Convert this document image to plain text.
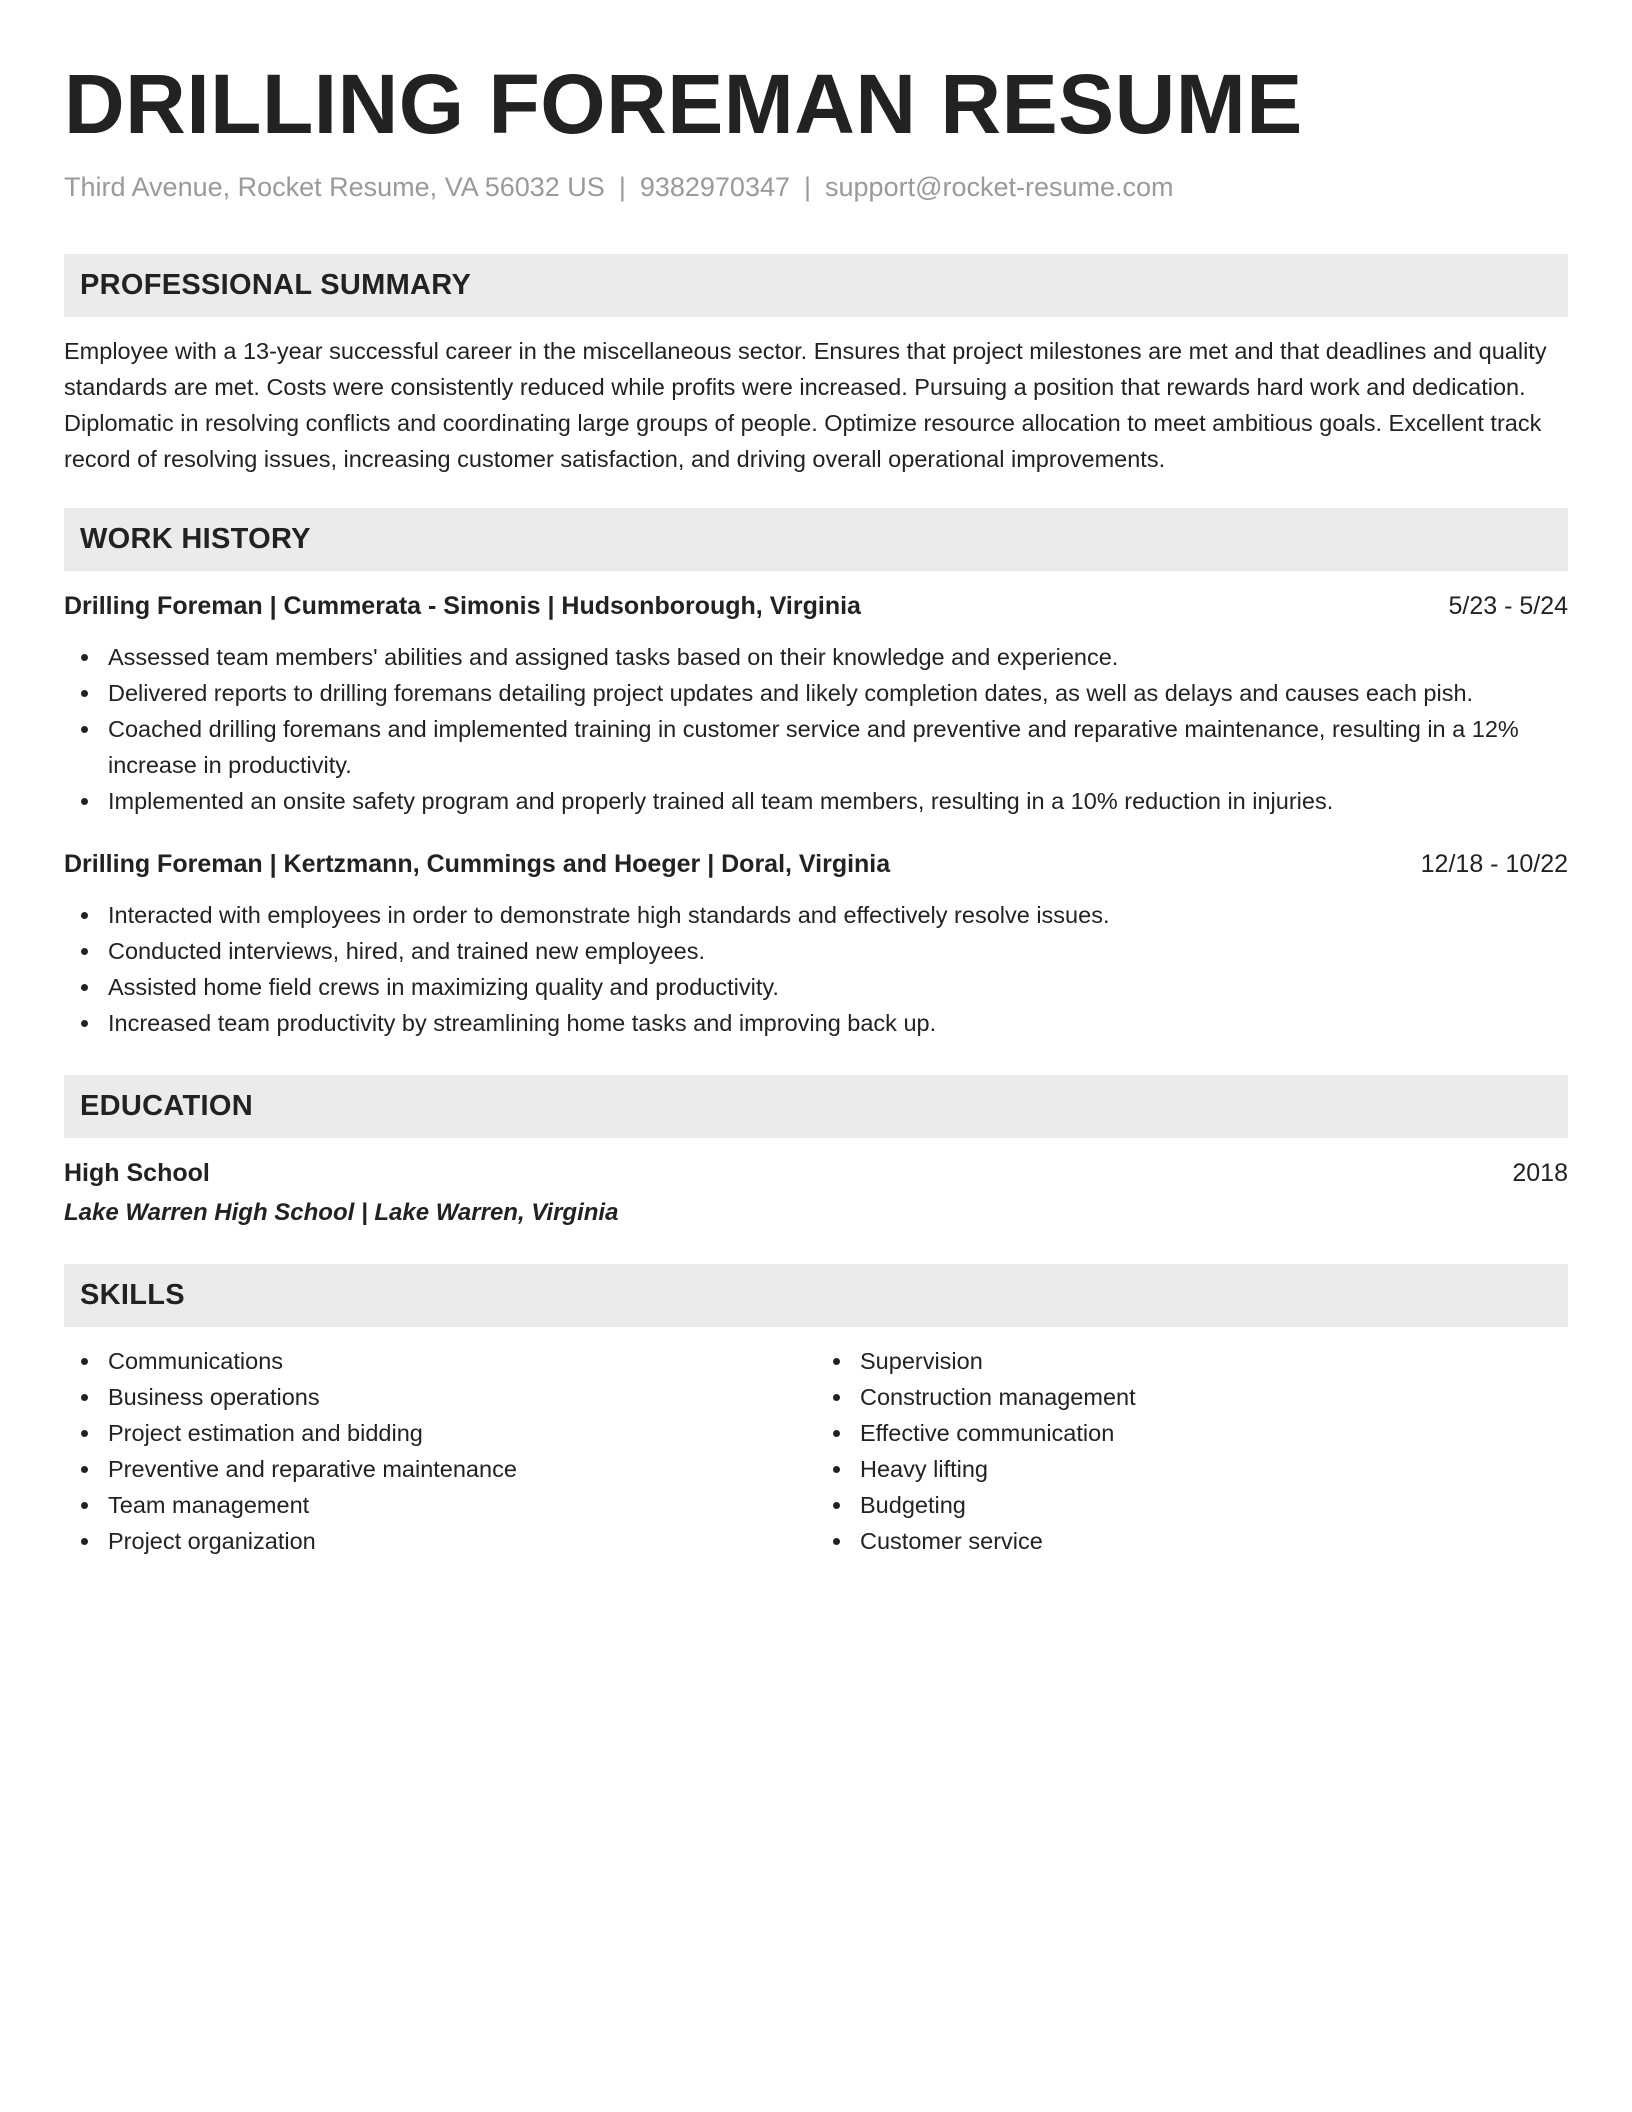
DRILLING FOREMAN RESUME
Third Avenue, Rocket Resume, VA 56032 US | 9382970347 | support@rocket-resume.com
PROFESSIONAL SUMMARY
Employee with a 13-year successful career in the miscellaneous sector. Ensures that project milestones are met and that deadlines and quality standards are met. Costs were consistently reduced while profits were increased. Pursuing a position that rewards hard work and dedication. Diplomatic in resolving conflicts and coordinating large groups of people. Optimize resource allocation to meet ambitious goals. Excellent track record of resolving issues, increasing customer satisfaction, and driving overall operational improvements.
WORK HISTORY
Drilling Foreman | Cummerata - Simonis | Hudsonborough, Virginia	5/23 - 5/24
Assessed team members' abilities and assigned tasks based on their knowledge and experience.
Delivered reports to drilling foremans detailing project updates and likely completion dates, as well as delays and causes each pish.
Coached drilling foremans and implemented training in customer service and preventive and reparative maintenance, resulting in a 12% increase in productivity.
Implemented an onsite safety program and properly trained all team members, resulting in a 10% reduction in injuries.
Drilling Foreman | Kertzmann, Cummings and Hoeger | Doral, Virginia	12/18 - 10/22
Interacted with employees in order to demonstrate high standards and effectively resolve issues.
Conducted interviews, hired, and trained new employees.
Assisted home field crews in maximizing quality and productivity.
Increased team productivity by streamlining home tasks and improving back up.
EDUCATION
High School	2018
Lake Warren High School | Lake Warren, Virginia
SKILLS
Communications
Business operations
Project estimation and bidding
Preventive and reparative maintenance
Team management
Project organization
Supervision
Construction management
Effective communication
Heavy lifting
Budgeting
Customer service
